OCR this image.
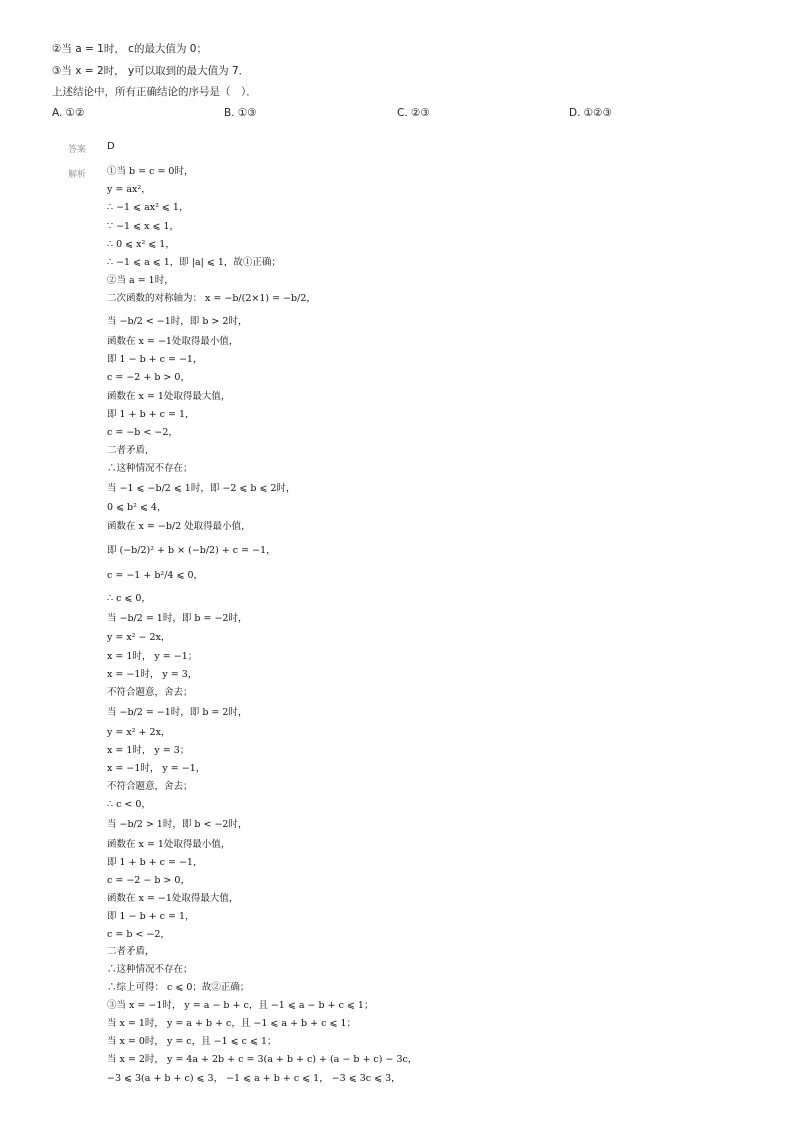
②当 a = 1时， c的最大值为 0；
③当 x = 2时， y可以取到的最大值为 7．
上述结论中，所有正确结论的序号是（　）．
A. ①②	B. ①③	C. ②③	D. ①②③
答案 D
解析 ①当 b = c = 0时，
y = ax²，
∴ −1 ⩽ ax² ⩽ 1，
∵ −1 ⩽ x ⩽ 1，
∴ 0 ⩽ x² ⩽ 1，
∴ −1 ⩽ a ⩽ 1，即 |a| ⩽ 1，故①正确；
②当 a = 1时，
二次函数的对称轴为： x = −b/(2×1) = −b/2，
当 −b/2 < −1时，即 b > 2时，
函数在 x = −1处取得最小值，
即 1 − b + c = −1，
c = −2 + b > 0，
函数在 x = 1处取得最大值，
即 1 + b + c = 1，
c = −b < −2，
二者矛盾，
∴这种情况不存在；
当 −1 ⩽ −b/2 ⩽ 1时，即 −2 ⩽ b ⩽ 2时，
0 ⩽ b² ⩽ 4，
函数在 x = −b/2 处取得最小值，
即 (−b/2)² + b × (−b/2) + c = −1，
c = −1 + b²/4 ⩽ 0，
∴ c ⩽ 0，
当 −b/2 = 1时，即 b = −2时，
y = x² − 2x，
x = 1时， y = −1；
x = −1时， y = 3，
不符合题意，舍去；
当 −b/2 = −1时，即 b = 2时，
y = x² + 2x，
x = 1时， y = 3；
x = −1时， y = −1，
不符合题意，舍去；
∴ c < 0，
当 −b/2 > 1时，即 b < −2时，
函数在 x = 1处取得最小值，
即 1 + b + c = −1，
c = −2 − b > 0，
函数在 x = −1处取得最大值，
即 1 − b + c = 1，
c = b < −2，
二者矛盾，
∴这种情况不存在；
∴综上可得： c ⩽ 0；故②正确；
③当 x = −1时， y = a − b + c，且 −1 ⩽ a − b + c ⩽ 1；
当 x = 1时， y = a + b + c，且 −1 ⩽ a + b + c ⩽ 1；
当 x = 0时， y = c，且 −1 ⩽ c ⩽ 1；
当 x = 2时， y = 4a + 2b + c = 3(a + b + c) + (a − b + c) − 3c，
−3 ⩽ 3(a + b + c) ⩽ 3， −1 ⩽ a + b + c ⩽ 1， −3 ⩽ 3c ⩽ 3，
